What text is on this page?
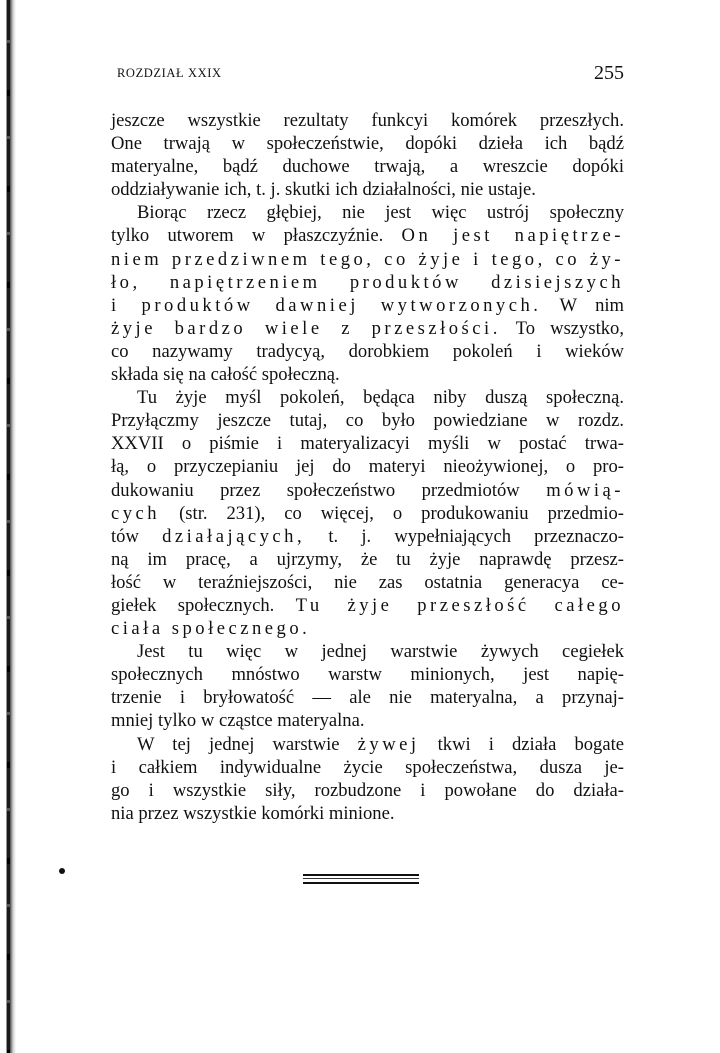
ROZDZIAŁ XXIX	255
jeszcze wszystkie rezultaty funkcyi komórek przeszłych.
One trwają w społeczeństwie, dopóki dzieła ich bądź
materyalne, bądź duchowe trwają, a wreszcie dopóki
oddziaływanie ich, t. j. skutki ich działalności, nie ustaje.
Biorąc rzecz głębiej, nie jest więc ustrój społeczny
tylko utworem w płaszczyźnie. On jest napiętrze-
niem przedziwnem tego, co żyje i tego, co ży-
ło, napiętrzeniem produktów dzisiejszych
i produktów dawniej wytworzonych. W nim
żyje bardzo wiele z przeszłości. To wszystko,
co nazywamy tradycyą, dorobkiem pokoleń i wieków
składa się na całość społeczną.
Tu żyje myśl pokoleń, będąca niby duszą społeczną.
Przyłączmy jeszcze tutaj, co było powiedziane w rozdz.
XXVII o piśmie i materyalizacyi myśli w postać trwa-
łą, o przyczepianiu jej do materyi nieożywionej, o pro-
dukowaniu przez społeczeństwo przedmiotów mówią-
cych (str. 231), co więcej, o produkowaniu przedmio-
tów działających, t. j. wypełniających przeznaczo-
ną im pracę, a ujrzymy, że tu żyje naprawdę przesz-
łość w teraźniejszości, nie zas ostatnia generacya ce-
giełek społecznych. Tu żyje przeszłość całego
ciała społecznego.
Jest tu więc w jednej warstwie żywych cegiełek
społecznych mnóstwo warstw minionych, jest napię-
trzenie i bryłowatość — ale nie materyalna, a przynaj-
mniej tylko w cząstce materyalna.
W tej jednej warstwie żywej tkwi i działa bogate
i całkiem indywidualne życie społeczeństwa, dusza je-
go i wszystkie siły, rozbudzone i powołane do działa-
nia przez wszystkie komórki minione.
